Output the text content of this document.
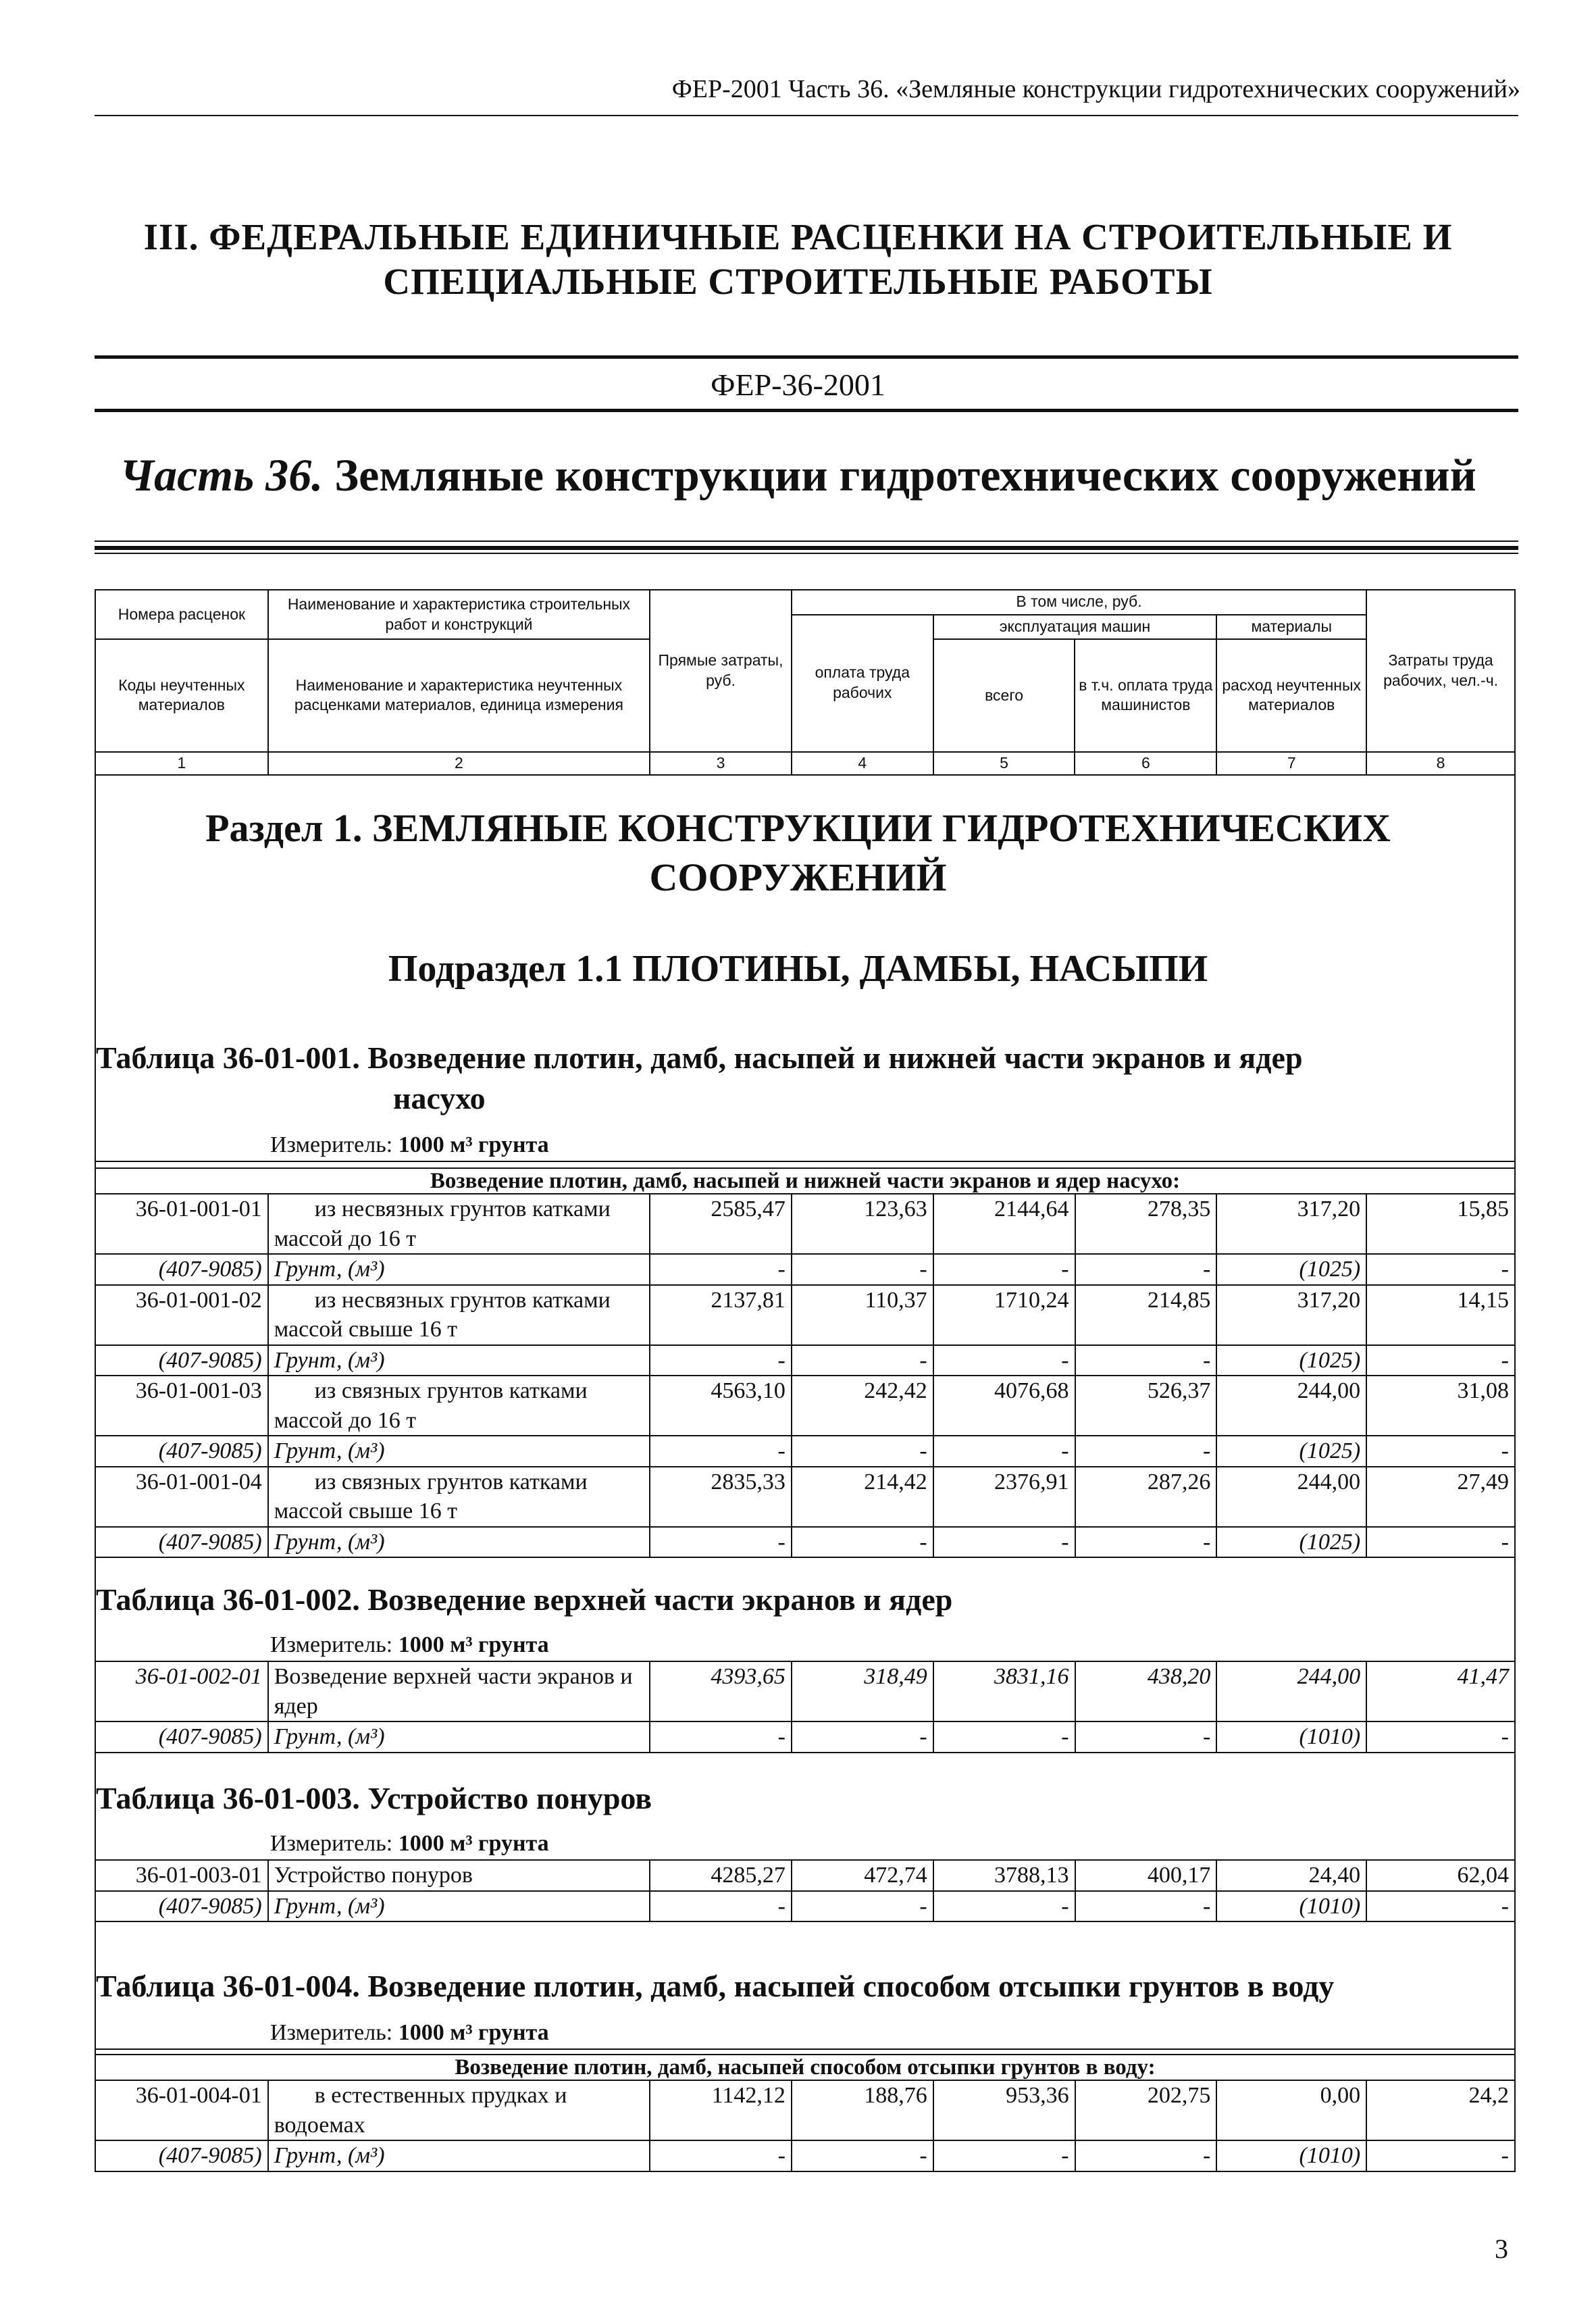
ФЕР-2001 Часть 36. «Земляные конструкции гидротехнических сооружений»
III. ФЕДЕРАЛЬНЫЕ ЕДИНИЧНЫЕ РАСЦЕНКИ НА СТРОИТЕЛЬНЫЕ И
СПЕЦИАЛЬНЫЕ СТРОИТЕЛЬНЫЕ РАБОТЫ
ФЕР-36-2001
Часть 36. Земляные конструкции гидротехнических сооружений
Номера расценок	Наименование и характеристика строительных работ и конструкций	Прямые затраты, руб.	В том числе, руб.				Затраты труда рабочих, чел.-ч.
			оплата труда рабочих	эксплуатация машин		материалы	
Коды неучтенных материалов	Наименование и характеристика неучтенных расценками материалов, единица измерения			всего	в т.ч. оплата труда машинистов	расход неучтенных материалов	

1	2	3	4	5	6	7	8
Раздел 1. ЗЕМЛЯНЫЕ КОНСТРУКЦИИ ГИДРОТЕХНИЧЕСКИХ
СООРУЖЕНИЙ
Подраздел 1.1 ПЛОТИНЫ, ДАМБЫ, НАСЫПИ
Таблица 36-01-001. Возведение плотин, дамб, насыпей и нижней части экранов и ядер
насухо
Измеритель: 1000 м³ грунта
Возведение плотин, дамб, насыпей и нижней части экранов и ядер насухо:							
36-01-001-01	из несвязных грунтов катками массой до 16 т	2585,47	123,63	2144,64	278,35	317,20	15,85
(407-9085)	Грунт, (м³)	-	-	-	-	(1025)	-
36-01-001-02	из несвязных грунтов катками массой свыше 16 т	2137,81	110,37	1710,24	214,85	317,20	14,15
(407-9085)	Грунт, (м³)	-	-	-	-	(1025)	-
36-01-001-03	из связных грунтов катками массой до 16 т	4563,10	242,42	4076,68	526,37	244,00	31,08
(407-9085)	Грунт, (м³)	-	-	-	-	(1025)	-
36-01-001-04	из связных грунтов катками массой свыше 16 т	2835,33	214,42	2376,91	287,26	244,00	27,49
(407-9085)	Грунт, (м³)	-	-	-	-	(1025)	-
Таблица 36-01-002. Возведение верхней части экранов и ядер
Измеритель: 1000 м³ грунта
36-01-002-01	Возведение верхней части экранов и ядер	4393,65	318,49	3831,16	438,20	244,00	41,47
(407-9085)	Грунт, (м³)	-	-	-	-	(1010)	-
Таблица 36-01-003. Устройство понуров
Измеритель: 1000 м³ грунта
36-01-003-01	Устройство понуров	4285,27	472,74	3788,13	400,17	24,40	62,04
(407-9085)	Грунт, (м³)	-	-	-	-	(1010)	-
Таблица 36-01-004. Возведение плотин, дамб, насыпей способом отсыпки грунтов в воду
Измеритель: 1000 м³ грунта
Возведение плотин, дамб, насыпей способом отсыпки грунтов в воду:							
36-01-004-01	в естественных прудках и водоемах	1142,12	188,76	953,36	202,75	0,00	24,2
(407-9085)	Грунт, (м³)	-	-	-	-	(1010)	-
3
